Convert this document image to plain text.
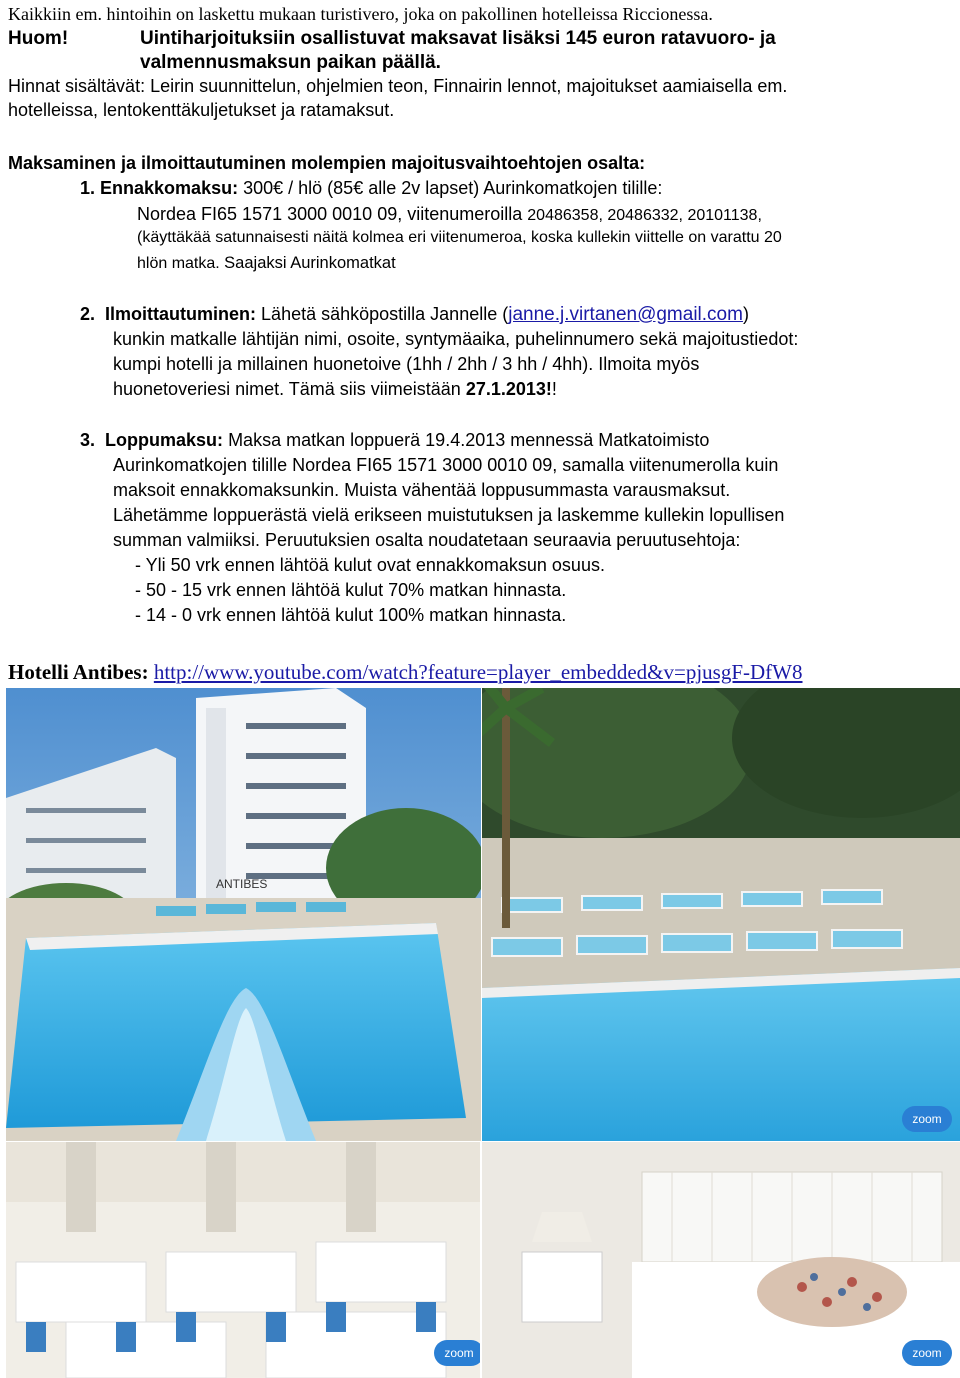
Kaikkiin em. hintoihin on laskettu mukaan turistivero, joka on pakollinen hotelleissa Riccionessa.
Huom!	Uintiharjoituksiin osallistuvat maksavat lisäksi 145 euron ratavuoro- ja
valmennusmaksun paikan päällä.
Hinnat sisältävät: Leirin suunnittelun, ohjelmien teon, Finnairin lennot, majoitukset aamiaisella em.
hotelleissa, lentokenttäkuljetukset ja ratamaksut.
Maksaminen ja ilmoittautuminen molempien majoitusvaihtoehtojen osalta:
1. Ennakkomaksu: 300€ / hlö (85€ alle 2v lapset) Aurinkomatkojen tilille:
Nordea FI65 1571 3000 0010 09, viitenumeroilla 20486358, 20486332, 20101138,
(käyttäkää satunnaisesti näitä kolmea eri viitenumeroa, koska kullekin viittelle on varattu 20
hlön matka. Saajaksi Aurinkomatkat
2. Ilmoittautuminen: Lähetä sähköpostilla Jannelle (janne.j.virtanen@gmail.com)
kunkin matkalle lähtijän nimi, osoite, syntymäaika, puhelinnumero sekä majoitustiedot:
kumpi hotelli ja millainen huonetoive (1hh / 2hh / 3 hh / 4hh). Ilmoita myös
huonetoveriesi nimet. Tämä siis viimeistään 27.1.2013!!
3. Loppumaksu: Maksa matkan loppuerä 19.4.2013 mennessä Matkatoimisto
Aurinkomatkojen tilille Nordea FI65 1571 3000 0010 09, samalla viitenumerolla kuin
maksoit ennakkomaksunkin. Muista vähentää loppusummasta varausmaksut.
Lähetämme loppuerästä vielä erikseen muistutuksen ja laskemme kullekin lopullisen
summan valmiiksi. Peruutuksien osalta noudatetaan seuraavia peruutusehtoja:
- Yli 50 vrk ennen lähtöä kulut ovat ennakkomaksun osuus.
- 50 - 15 vrk ennen lähtöä kulut 70% matkan hinnasta.
- 14 - 0 vrk ennen lähtöä kulut 100% matkan hinnasta.
Hotelli Antibes: http://www.youtube.com/watch?feature=player_embedded&v=pjusgF-DfW8
ANTIBES
zoom
zoom	zoom
